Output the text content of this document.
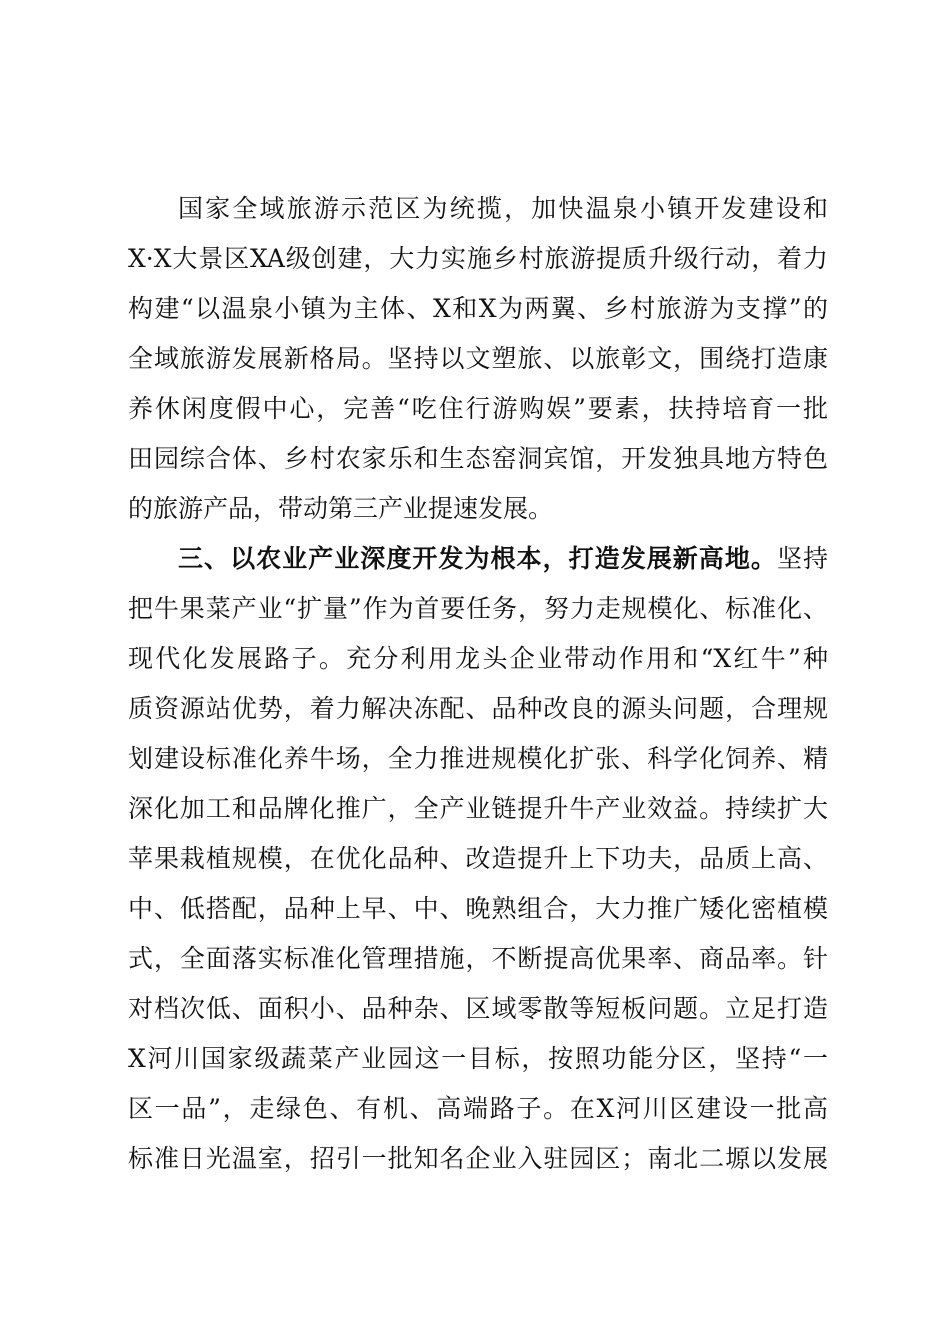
国家全域旅游示范区为统揽，加快温泉小镇开发建设和
X·X大景区XA级创建，大力实施乡村旅游提质升级行动，着力
构建“以温泉小镇为主体、X和X为两翼、乡村旅游为支撑”的
全域旅游发展新格局。坚持以文塑旅、以旅彰文，围绕打造康
养休闲度假中心，完善“吃住行游购娱”要素，扶持培育一批
田园综合体、乡村农家乐和生态窑洞宾馆，开发独具地方特色
的旅游产品，带动第三产业提速发展。
三、以农业产业深度开发为根本，打造发展新高地。坚持
把牛果菜产业“扩量”作为首要任务，努力走规模化、标准化、
现代化发展路子。充分利用龙头企业带动作用和“X红牛”种
质资源站优势，着力解决冻配、品种改良的源头问题，合理规
划建设标准化养牛场，全力推进规模化扩张、科学化饲养、精
深化加工和品牌化推广，全产业链提升牛产业效益。持续扩大
苹果栽植规模，在优化品种、改造提升上下功夫，品质上高、
中、低搭配，品种上早、中、晚熟组合，大力推广矮化密植模
式，全面落实标准化管理措施，不断提高优果率、商品率。针
对档次低、面积小、品种杂、区域零散等短板问题。立足打造
X河川国家级蔬菜产业园这一目标，按照功能分区，坚持“一
区一品”，走绿色、有机、高端路子。在X河川区建设一批高
标准日光温室，招引一批知名企业入驻园区；南北二塬以发展
